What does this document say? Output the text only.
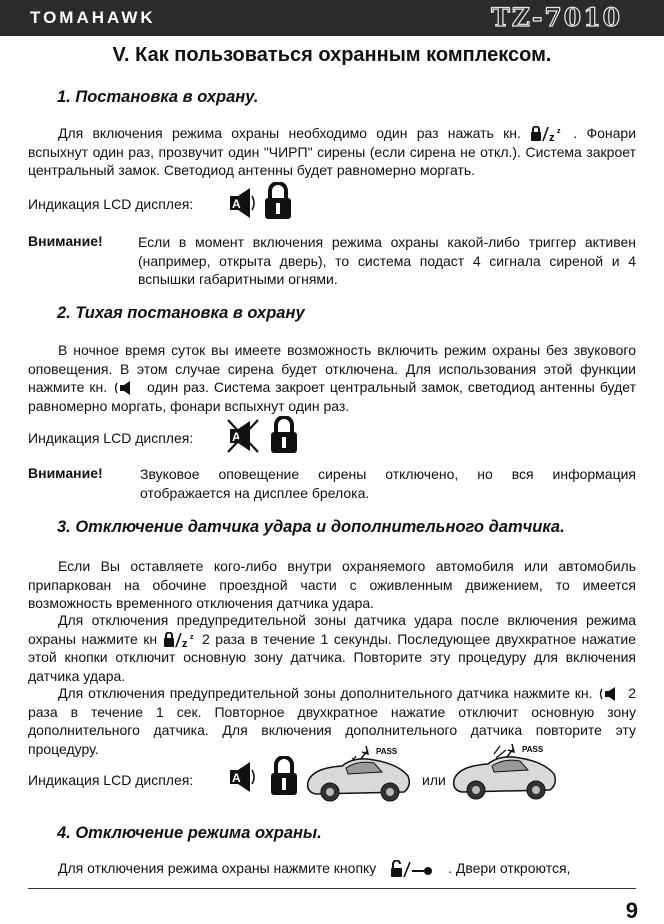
TOMAHAWK	TZ-7010
V. Как пользоваться охранным комплексом.
1. Постановка в охрану.
Для включения режима охраны необходимо один раз нажать кн.	z
z . Фонари вспыхнут один раз, прозвучит один "ЧИРП" сирены (если сирена не откл.). Система закроет центральный замок. Светодиод антенны будет равномерно моргать.
Индикация LCD дисплея:	A
Внимание!	Если в момент включения режима охраны какой-либо триггер активен (например, открыта дверь), то система подаст 4 сигнала сиреной и 4 вспышки габаритными огнями.
2. Тихая постановка в охрану
В ночное время суток вы имеете возможность включить режим охраны без звукового оповещения. В этом случае сирена будет отключена. Для использования этой функции нажмите кн.	один раз. Система закроет центральный замок, светодиод антенны будет равномерно моргать, фонари вспыхнут один раз.
Индикация LCD дисплея:	A
Внимание!	Звуковое оповещение сирены отключено, но вся информация отображается на дисплее брелока.
3. Отключение датчика удара и дополнительного датчика.
Если Вы оставляете кого-либо внутри охраняемого автомобиля или автомобиль припаркован на обочине проездной части с оживленным движением, то имеется возможность временного отключения датчика удара.
Для отключения предупредительной зоны датчика удара после включения режима охраны нажмите кн z
z 2 раза в течение 1 секунды. Последующее двухкратное нажатие этой кнопки отключит основную зону датчика. Повторите эту процедуру для включения датчика удара.
Для отключения предупредительной зоны дополнительного датчика нажмите кн.	2 раза в течение 1 сек. Повторное двухкратное нажатие отключит основную зону дополнительного датчика. Для включения дополнительного датчика повторите эту процедуру.
Индикация LCD дисплея:	A
PASS
или
PASS
4. Отключение режима охраны.
Для отключения режима охраны нажмите кнопку	. Двери откроются,
9
